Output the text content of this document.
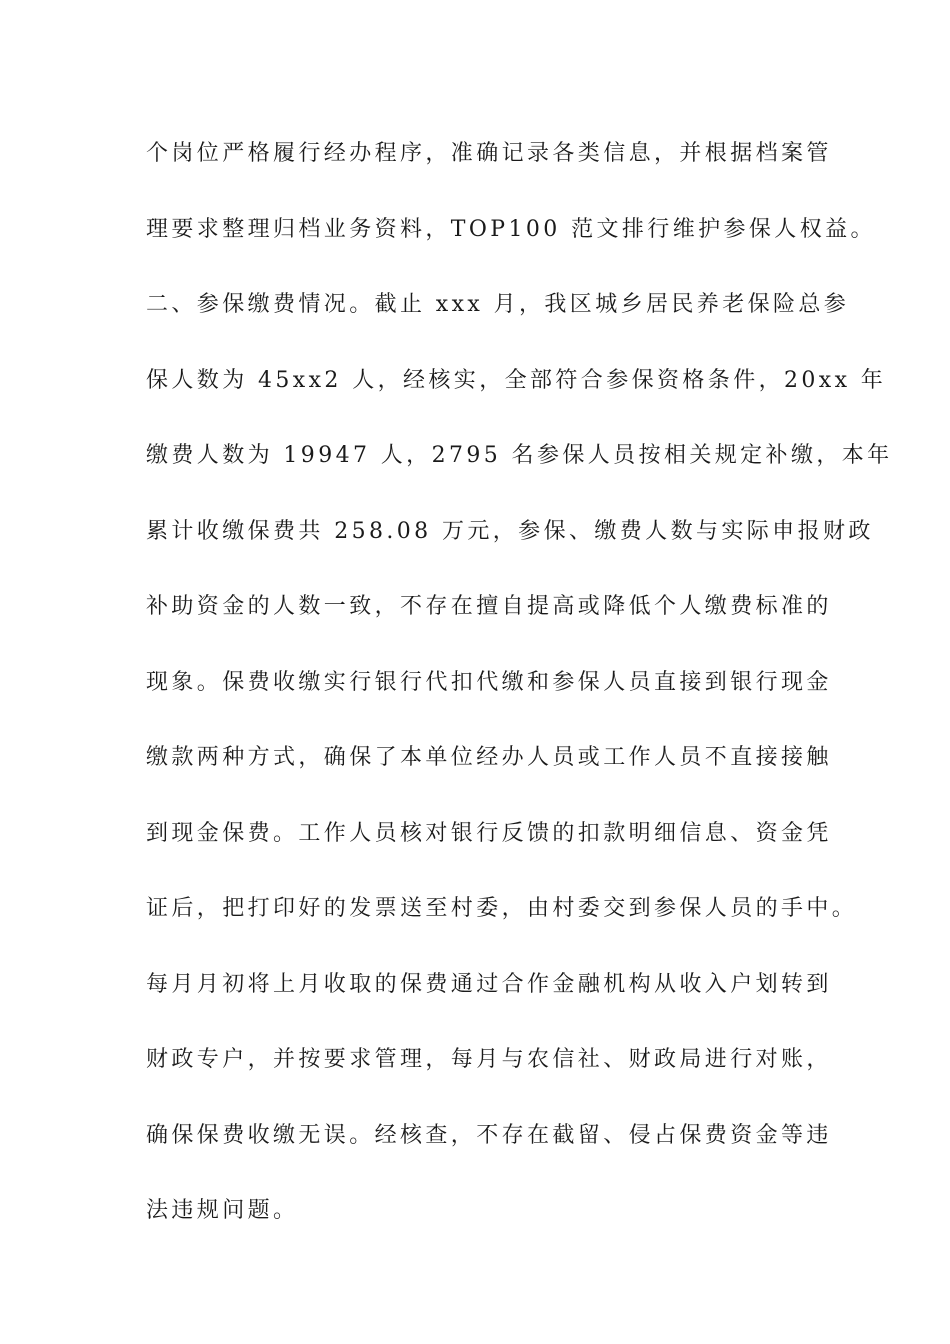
个岗位严格履行经办程序，准确记录各类信息，并根据档案管
理要求整理归档业务资料，TOP100 范文排行维护参保人权益。
二、参保缴费情况。截止 xxx 月，我区城乡居民养老保险总参
保人数为 45xx2 人，经核实，全部符合参保资格条件，20xx 年
缴费人数为 19947 人，2795 名参保人员按相关规定补缴，本年
累计收缴保费共 258.08 万元，参保、缴费人数与实际申报财政
补助资金的人数一致，不存在擅自提高或降低个人缴费标准的
现象。保费收缴实行银行代扣代缴和参保人员直接到银行现金
缴款两种方式，确保了本单位经办人员或工作人员不直接接触
到现金保费。工作人员核对银行反馈的扣款明细信息、资金凭
证后，把打印好的发票送至村委，由村委交到参保人员的手中。
每月月初将上月收取的保费通过合作金融机构从收入户划转到
财政专户，并按要求管理，每月与农信社、财政局进行对账，
确保保费收缴无误。经核查，不存在截留、侵占保费资金等违
法违规问题。
